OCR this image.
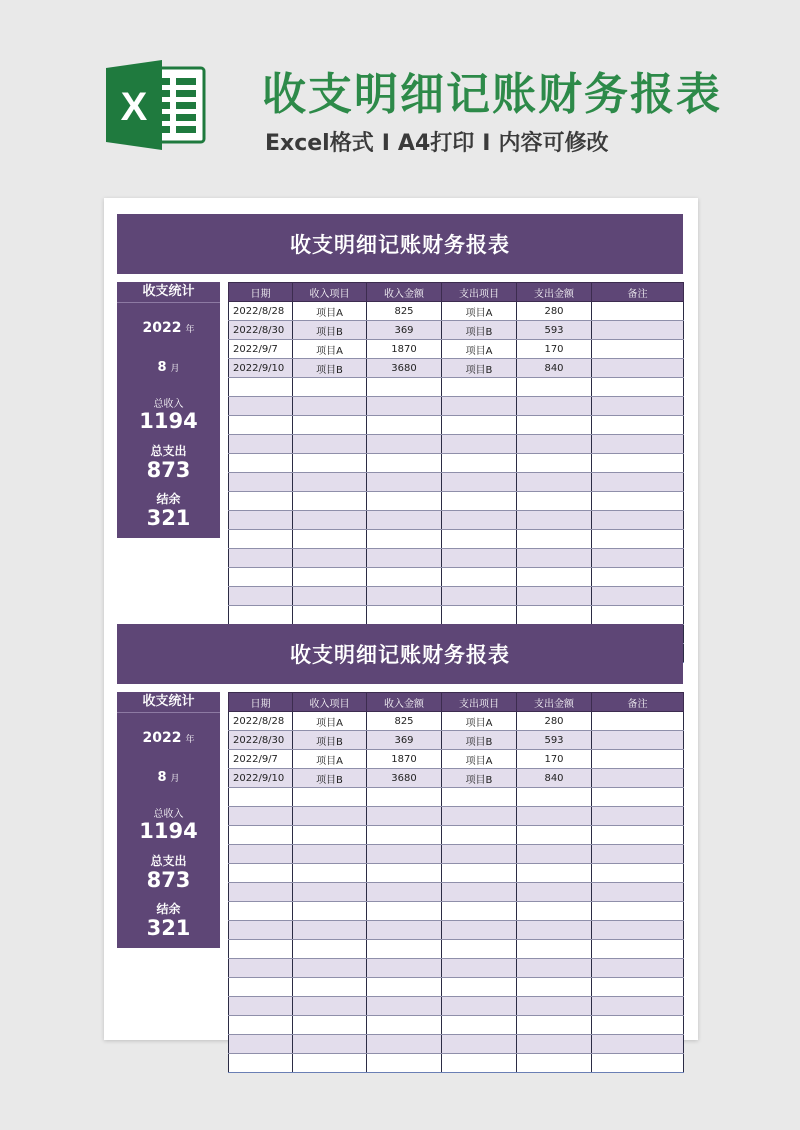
X	收支明细记账财务报表
Excel格式 I A4打印 I 内容可修改
收支明细记账财务报表
收支统计
2022 年
8 月
总收入
1194
总支出
873
结余
321
日期	收入项目	收入金额	支出项目	支出金额	备注
2022/8/28	项目A	825	项目A	280	
2022/8/30	项目B	369	项目B	593	
2022/9/7	项目A	1870	项目A	170	
2022/9/10	项目B	3680	项目B	840	

收支明细记账财务报表
收支统计
2022 年
8 月
总收入
1194
总支出
873
结余
321
日期	收入项目	收入金额	支出项目	支出金额	备注
2022/8/28	项目A	825	项目A	280	
2022/8/30	项目B	369	项目B	593	
2022/9/7	项目A	1870	项目A	170	
2022/9/10	项目B	3680	项目B	840	
